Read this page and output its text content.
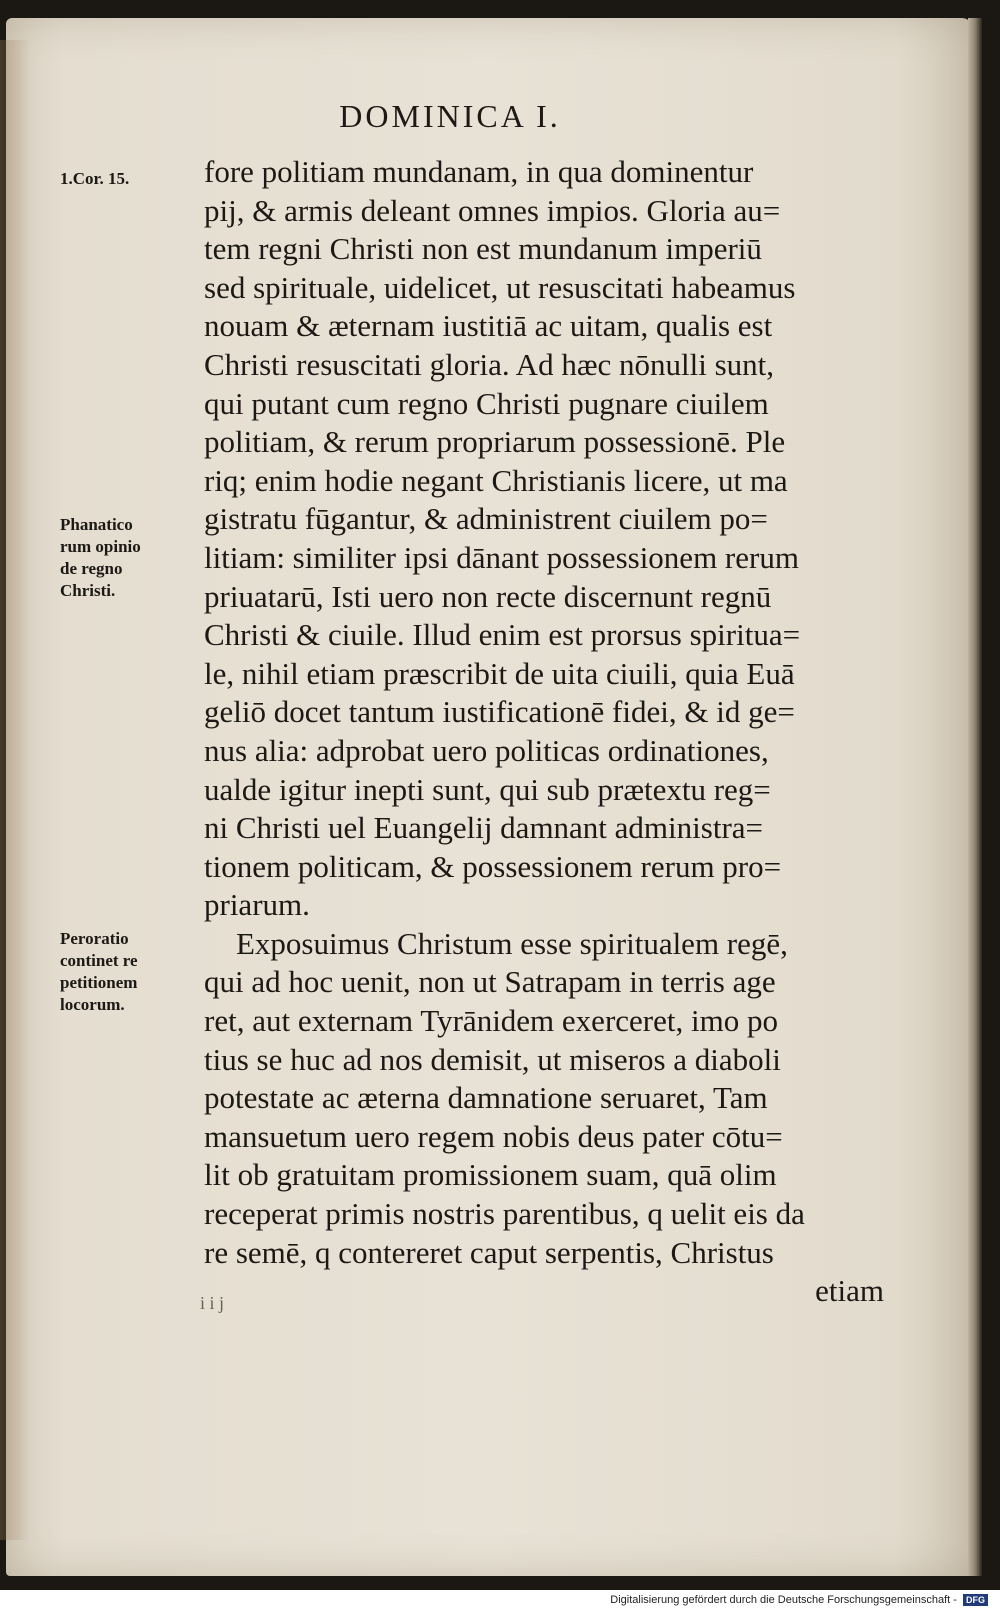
DOMINICA I.
1.Cor. 15.
Phanatico
rum opinio
de regno
Christi.
Peroratio
continet re
petitionem
locorum.
fore politiam mundanam, in qua dominentur
pij, & armis deleant omnes impios. Gloria au=
tem regni Christi non est mundanum imperiū
sed spirituale, uidelicet, ut resuscitati habeamus
nouam & æternam iustitiā ac uitam, qualis est
Christi resuscitati gloria. Ad hæc nōnulli sunt,
qui putant cum regno Christi pugnare ciuilem
politiam, & rerum propriarum possessionē. Ple
riq; enim hodie negant Christianis licere, ut ma
gistratu fūgantur, & administrent ciuilem po=
litiam: similiter ipsi dānant possessionem rerum
priuatarū, Isti uero non recte discernunt regnū
Christi & ciuile. Illud enim est prorsus spiritua=
le, nihil etiam præscribit de uita ciuili, quia Euā
geliō docet tantum iustificationē fidei, & id ge=
nus alia: adprobat uero politicas ordinationes,
ualde igitur inepti sunt, qui sub prætextu reg=
ni Christi uel Euangelij damnant administra=
tionem politicam, & possessionem rerum pro=
priarum.
Exposuimus Christum esse spiritualem regē,
qui ad hoc uenit, non ut Satrapam in terris age
ret, aut externam Tyrānidem exerceret, imo po
tius se huc ad nos demisit, ut miseros a diaboli
potestate ac æterna damnatione seruaret, Tam
mansuetum uero regem nobis deus pater cōtu=
lit ob gratuitam promissionem suam, quā olim
receperat primis nostris parentibus, q uelit eis da
re semē, q contereret caput serpentis, Christus
etiam
i i j
Digitalisierung gefördert durch die Deutsche Forschungsgemeinschaft - DFG
